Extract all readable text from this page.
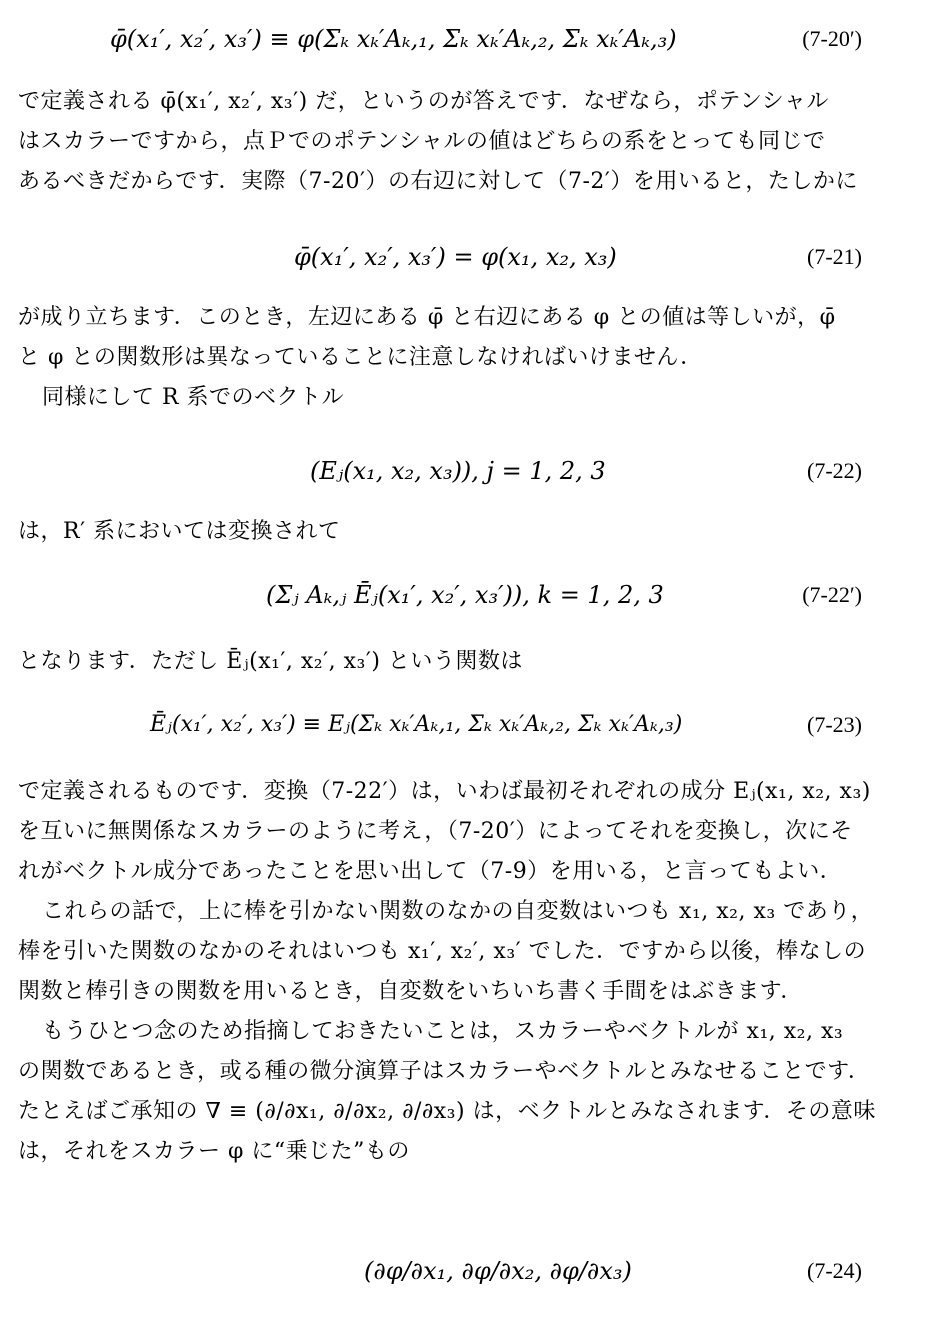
φ̄(x₁′, x₂′, x₃′) ≡ φ(Σₖ xₖ′Aₖ,₁, Σₖ xₖ′Aₖ,₂, Σₖ xₖ′Aₖ,₃)	(7-20′)
で定義される φ̄(x₁′, x₂′, x₃′) だ，というのが答えです．なぜなら，ポテンシャル
はスカラーですから，点Ｐでのポテンシャルの値はどちらの系をとっても同じで
あるべきだからです．実際（7-20′）の右辺に対して（7-2′）を用いると，たしかに
φ̄(x₁′, x₂′, x₃′) = φ(x₁, x₂, x₃)	(7-21)
が成り立ちます．このとき，左辺にある φ̄ と右辺にある φ との値は等しいが，φ̄
と φ との関数形は異なっていることに注意しなければいけません．
同様にして R 系でのベクトル
(Eⱼ(x₁, x₂, x₃)), j = 1, 2, 3	(7-22)
は，R′ 系においては変換されて
(Σⱼ Aₖ,ⱼ Ēⱼ(x₁′, x₂′, x₃′)), k = 1, 2, 3	(7-22′)
となります．ただし Ēⱼ(x₁′, x₂′, x₃′) という関数は
Ēⱼ(x₁′, x₂′, x₃′) ≡ Eⱼ(Σₖ xₖ′Aₖ,₁, Σₖ xₖ′Aₖ,₂, Σₖ xₖ′Aₖ,₃)	(7-23)
で定義されるものです．変換（7-22′）は，いわば最初それぞれの成分 Eⱼ(x₁, x₂, x₃)
を互いに無関係なスカラーのように考え，（7-20′）によってそれを変換し，次にそ
れがベクトル成分であったことを思い出して（7-9）を用いる，と言ってもよい．
これらの話で，上に棒を引かない関数のなかの自変数はいつも x₁, x₂, x₃ であり，
棒を引いた関数のなかのそれはいつも x₁′, x₂′, x₃′ でした．ですから以後，棒なしの
関数と棒引きの関数を用いるとき，自変数をいちいち書く手間をはぶきます．
もうひとつ念のため指摘しておきたいことは，スカラーやベクトルが x₁, x₂, x₃
の関数であるとき，或る種の微分演算子はスカラーやベクトルとみなせることです．
たとえばご承知の ∇ ≡ (∂/∂x₁, ∂/∂x₂, ∂/∂x₃) は，ベクトルとみなされます．その意味
は，それをスカラー φ に“乗じた”もの
(∂φ/∂x₁, ∂φ/∂x₂, ∂φ/∂x₃)	(7-24)
